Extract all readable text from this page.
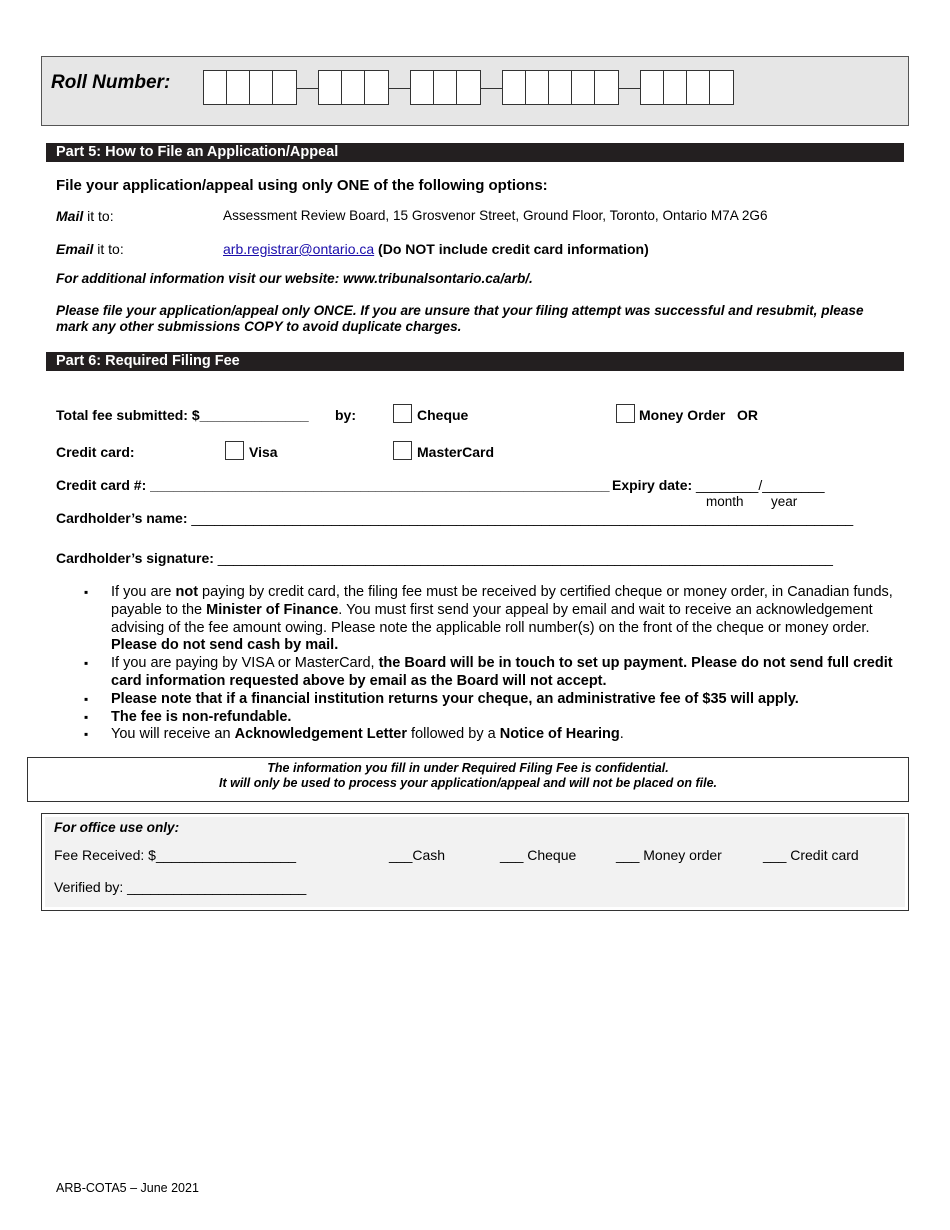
Roll Number:
Part 5: How to File an Application/Appeal
File your application/appeal using only ONE of the following options:
Mail it to:	Assessment Review Board, 15 Grosvenor Street, Ground Floor, Toronto, Ontario M7A 2G6
Email it to:	arb.registrar@ontario.ca (Do NOT include credit card information)
For additional information visit our website: www.tribunalsontario.ca/arb/.
Please file your application/appeal only ONCE. If you are unsure that your filing attempt was successful and resubmit, please
mark any other submissions COPY to avoid duplicate charges.
Part 6: Required Filing Fee
Total fee submitted: $______________ by:	Cheque	Money Order OR
Credit card:	Visa	MasterCard
Credit card #: ___________________________________________________________ Expiry date: ________/________
month year
Cardholder’s name: _____________________________________________________________________________________
Cardholder’s signature: _______________________________________________________________________________
▪ If you are not paying by credit card, the filing fee must be received by certified cheque or money order, in Canadian funds, payable to the Minister of Finance. You must first send your appeal by email and wait to receive an acknowledgement advising of the fee amount owing. Please note the applicable roll number(s) on the front of the cheque or money order. Please do not send cash by mail.
▪ If you are paying by VISA or MasterCard, the Board will be in touch to set up payment. Please do not send full credit card information requested above by email as the Board will not accept.
▪ Please note that if a financial institution returns your cheque, an administrative fee of $35 will apply.
▪ The fee is non-refundable.
▪ You will receive an Acknowledgement Letter followed by a Notice of Hearing.
The information you fill in under Required Filing Fee is confidential.
It will only be used to process your application/appeal and will not be placed on file.
For office use only:
Fee Received: $__________________	___Cash	___ Cheque	___ Money order	___ Credit card
Verified by: _______________________
ARB-COTA5 – June 2021
